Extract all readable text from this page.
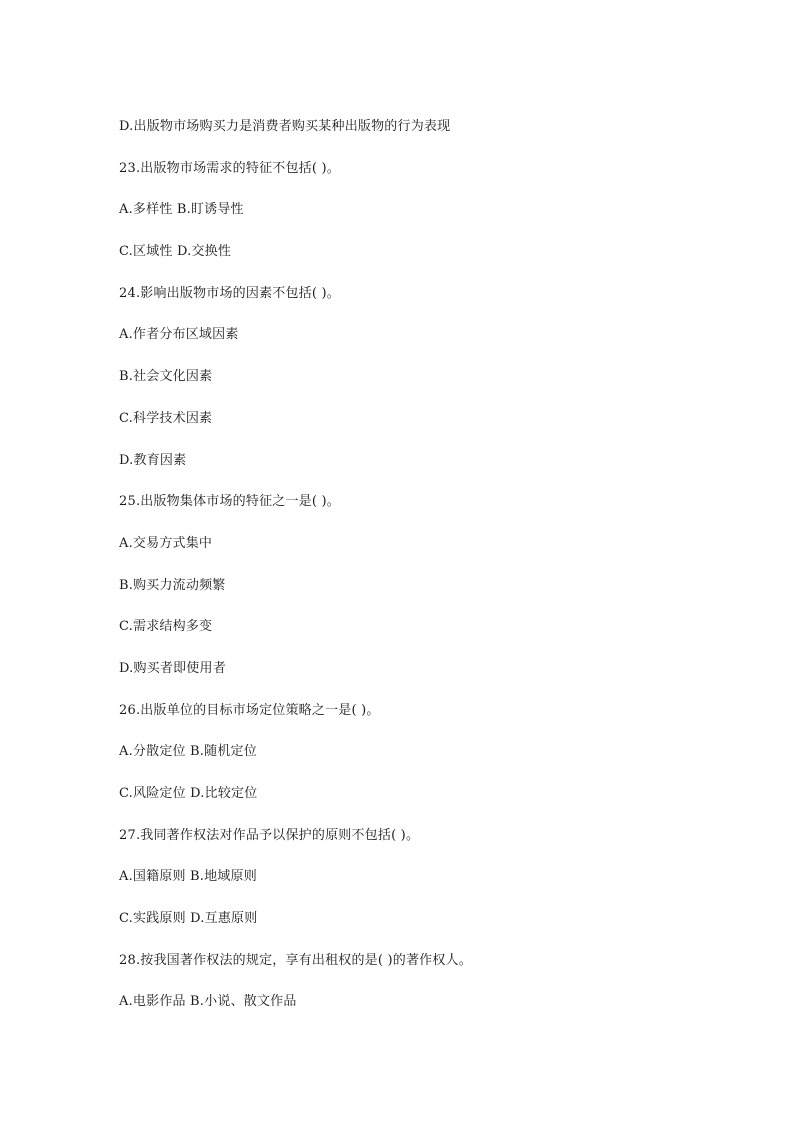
D.出版物市场购买力是消费者购买某种出版物的行为表现
23.出版物市场需求的特征不包括( )。
A.多样性 B.盯诱导性
C.区域性 D.交换性
24.影响出版物市场的因素不包括( )。
A.作者分布区域因素
B.社会文化因素
C.科学技术因素
D.教育因素
25.出版物集体市场的特征之一是( )。
A.交易方式集中
B.购买力流动频繁
C.需求结构多变
D.购买者即使用者
26.出版单位的目标市场定位策略之一是( )。
A.分散定位 B.随机定位
C.风险定位 D.比较定位
27.我同著作权法对作品予以保护的原则不包括( )。
A.国籍原则 B.地域原则
C.实践原则 D.互惠原则
28.按我国著作权法的规定，享有出租权的是( )的著作权人。
A.电影作品 B.小说、散文作品
